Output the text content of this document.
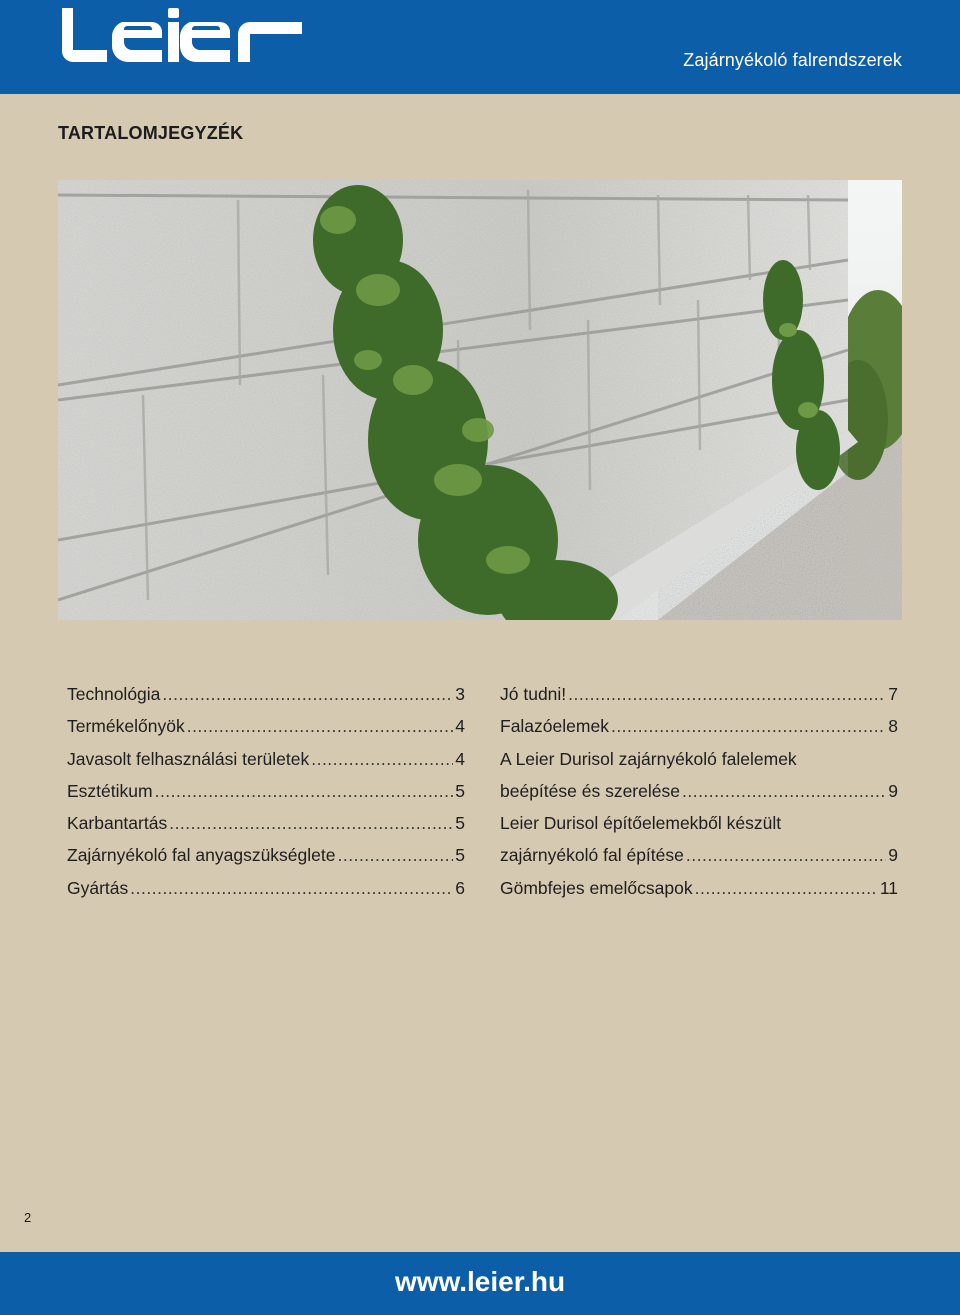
Zajárnyékoló falrendszerek
TARTALOMJEGYZÉK
Technológia .....	3
Termékelőnyök .....	4
Javasolt felhasználási területek .....	4
Esztétikum .....	5
Karbantartás .....	5
Zajárnyékoló fal anyagszükséglete .....	5
Gyártás .....	6
Jó tudni! .....	7
Falazóelemek .....	8
A Leier Durisol zajárnyékoló falelemek
beépítése és szerelése .....	9
Leier Durisol építőelemekből készült
zajárnyékoló fal építése .....	9
Gömbfejes emelőcsapok .....	11
2
www.leier.hu
